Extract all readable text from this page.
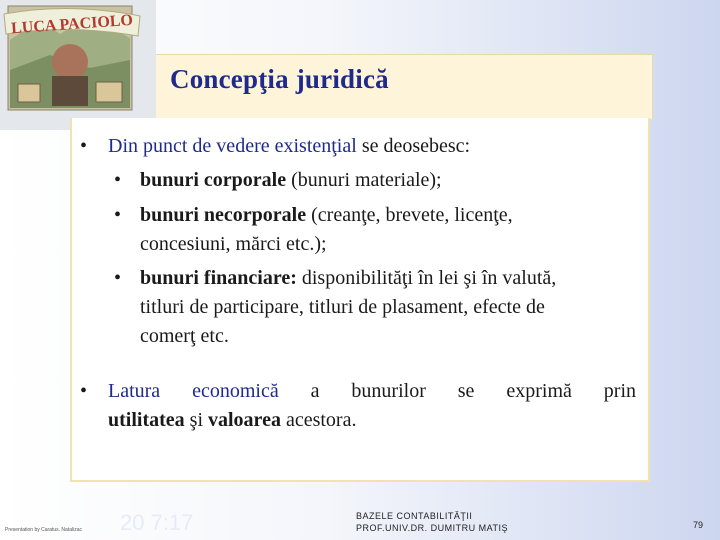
LUCA PACIOLO
Concepţia juridică
• Din punct de vedere existenţial se deosebesc:
• bunuri corporale (bunuri materiale);
• bunuri necorporale (creanţe, brevete, licenţe,
concesiuni, mărci etc.);
• bunuri financiare: disponibilităţi în lei şi în valută,
titluri de participare, titluri de plasament, efecte de
comerţ etc.
• Latura economică a bunurilor se exprimă prin
utilitatea şi valoarea acestora.
Presentation by Caratus. Natalizac 20 7:17	BAZELE CONTABILITĂŢII
PROF.UNIV.DR. DUMITRU MATIŞ	79
